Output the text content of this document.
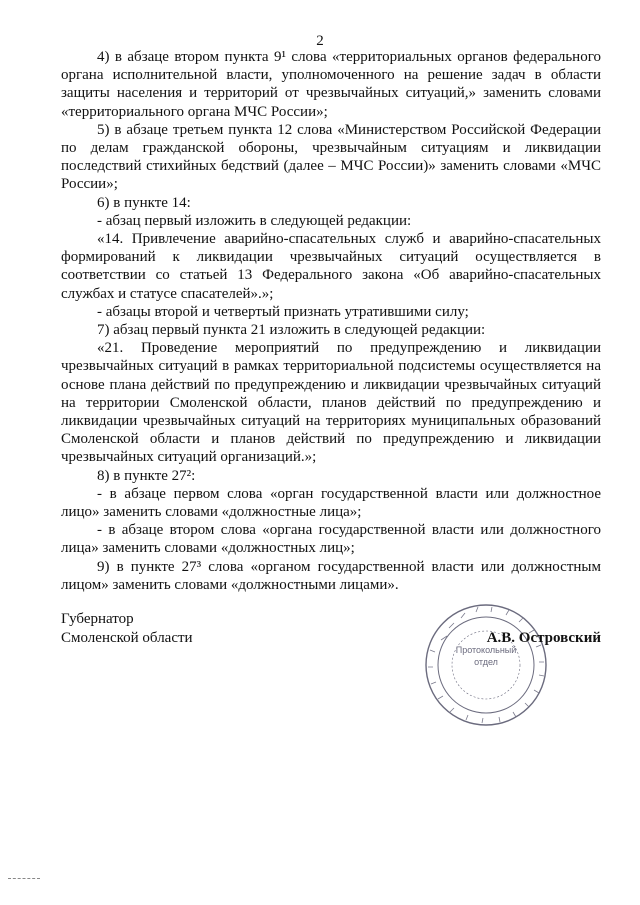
2

4) в абзаце втором пункта 9¹ слова «территориальных органов федерального органа исполнительной власти, уполномоченного на решение задач в области защиты населения и территорий от чрезвычайных ситуаций,» заменить словами «территориального органа МЧС России»;

5) в абзаце третьем пункта 12 слова «Министерством Российской Федерации по делам гражданской обороны, чрезвычайным ситуациям и ликвидации последствий стихийных бедствий (далее – МЧС России)» заменить словами «МЧС России»;

6) в пункте 14:

- абзац первый изложить в следующей редакции:

«14. Привлечение аварийно-спасательных служб и аварийно-спасательных формирований к ликвидации чрезвычайных ситуаций осуществляется в соответствии со статьей 13 Федерального закона «Об аварийно-спасательных службах и статусе спасателей».»;

- абзацы второй и четвертый признать утратившими силу;

7) абзац первый пункта 21 изложить в следующей редакции:

«21. Проведение мероприятий по предупреждению и ликвидации чрезвычайных ситуаций в рамках территориальной подсистемы осуществляется на основе плана действий по предупреждению и ликвидации чрезвычайных ситуаций на территории Смоленской области, планов действий по предупреждению и ликвидации чрезвычайных ситуаций на территориях муниципальных образований Смоленской области и планов действий по предупреждению и ликвидации чрезвычайных ситуаций организаций.»;

8) в пункте 27²:

- в абзаце первом слова «орган государственной власти или должностное лицо» заменить словами «должностные лица»;

- в абзаце втором слова «органа государственной власти или должностного лица» заменить словами «должностных лиц»;

9) в пункте 27³ слова «органом государственной власти или должностным лицом» заменить словами «должностными лицами».

Губернатор
Смоленской области
Протокольный
отдел
А.В. Островский
